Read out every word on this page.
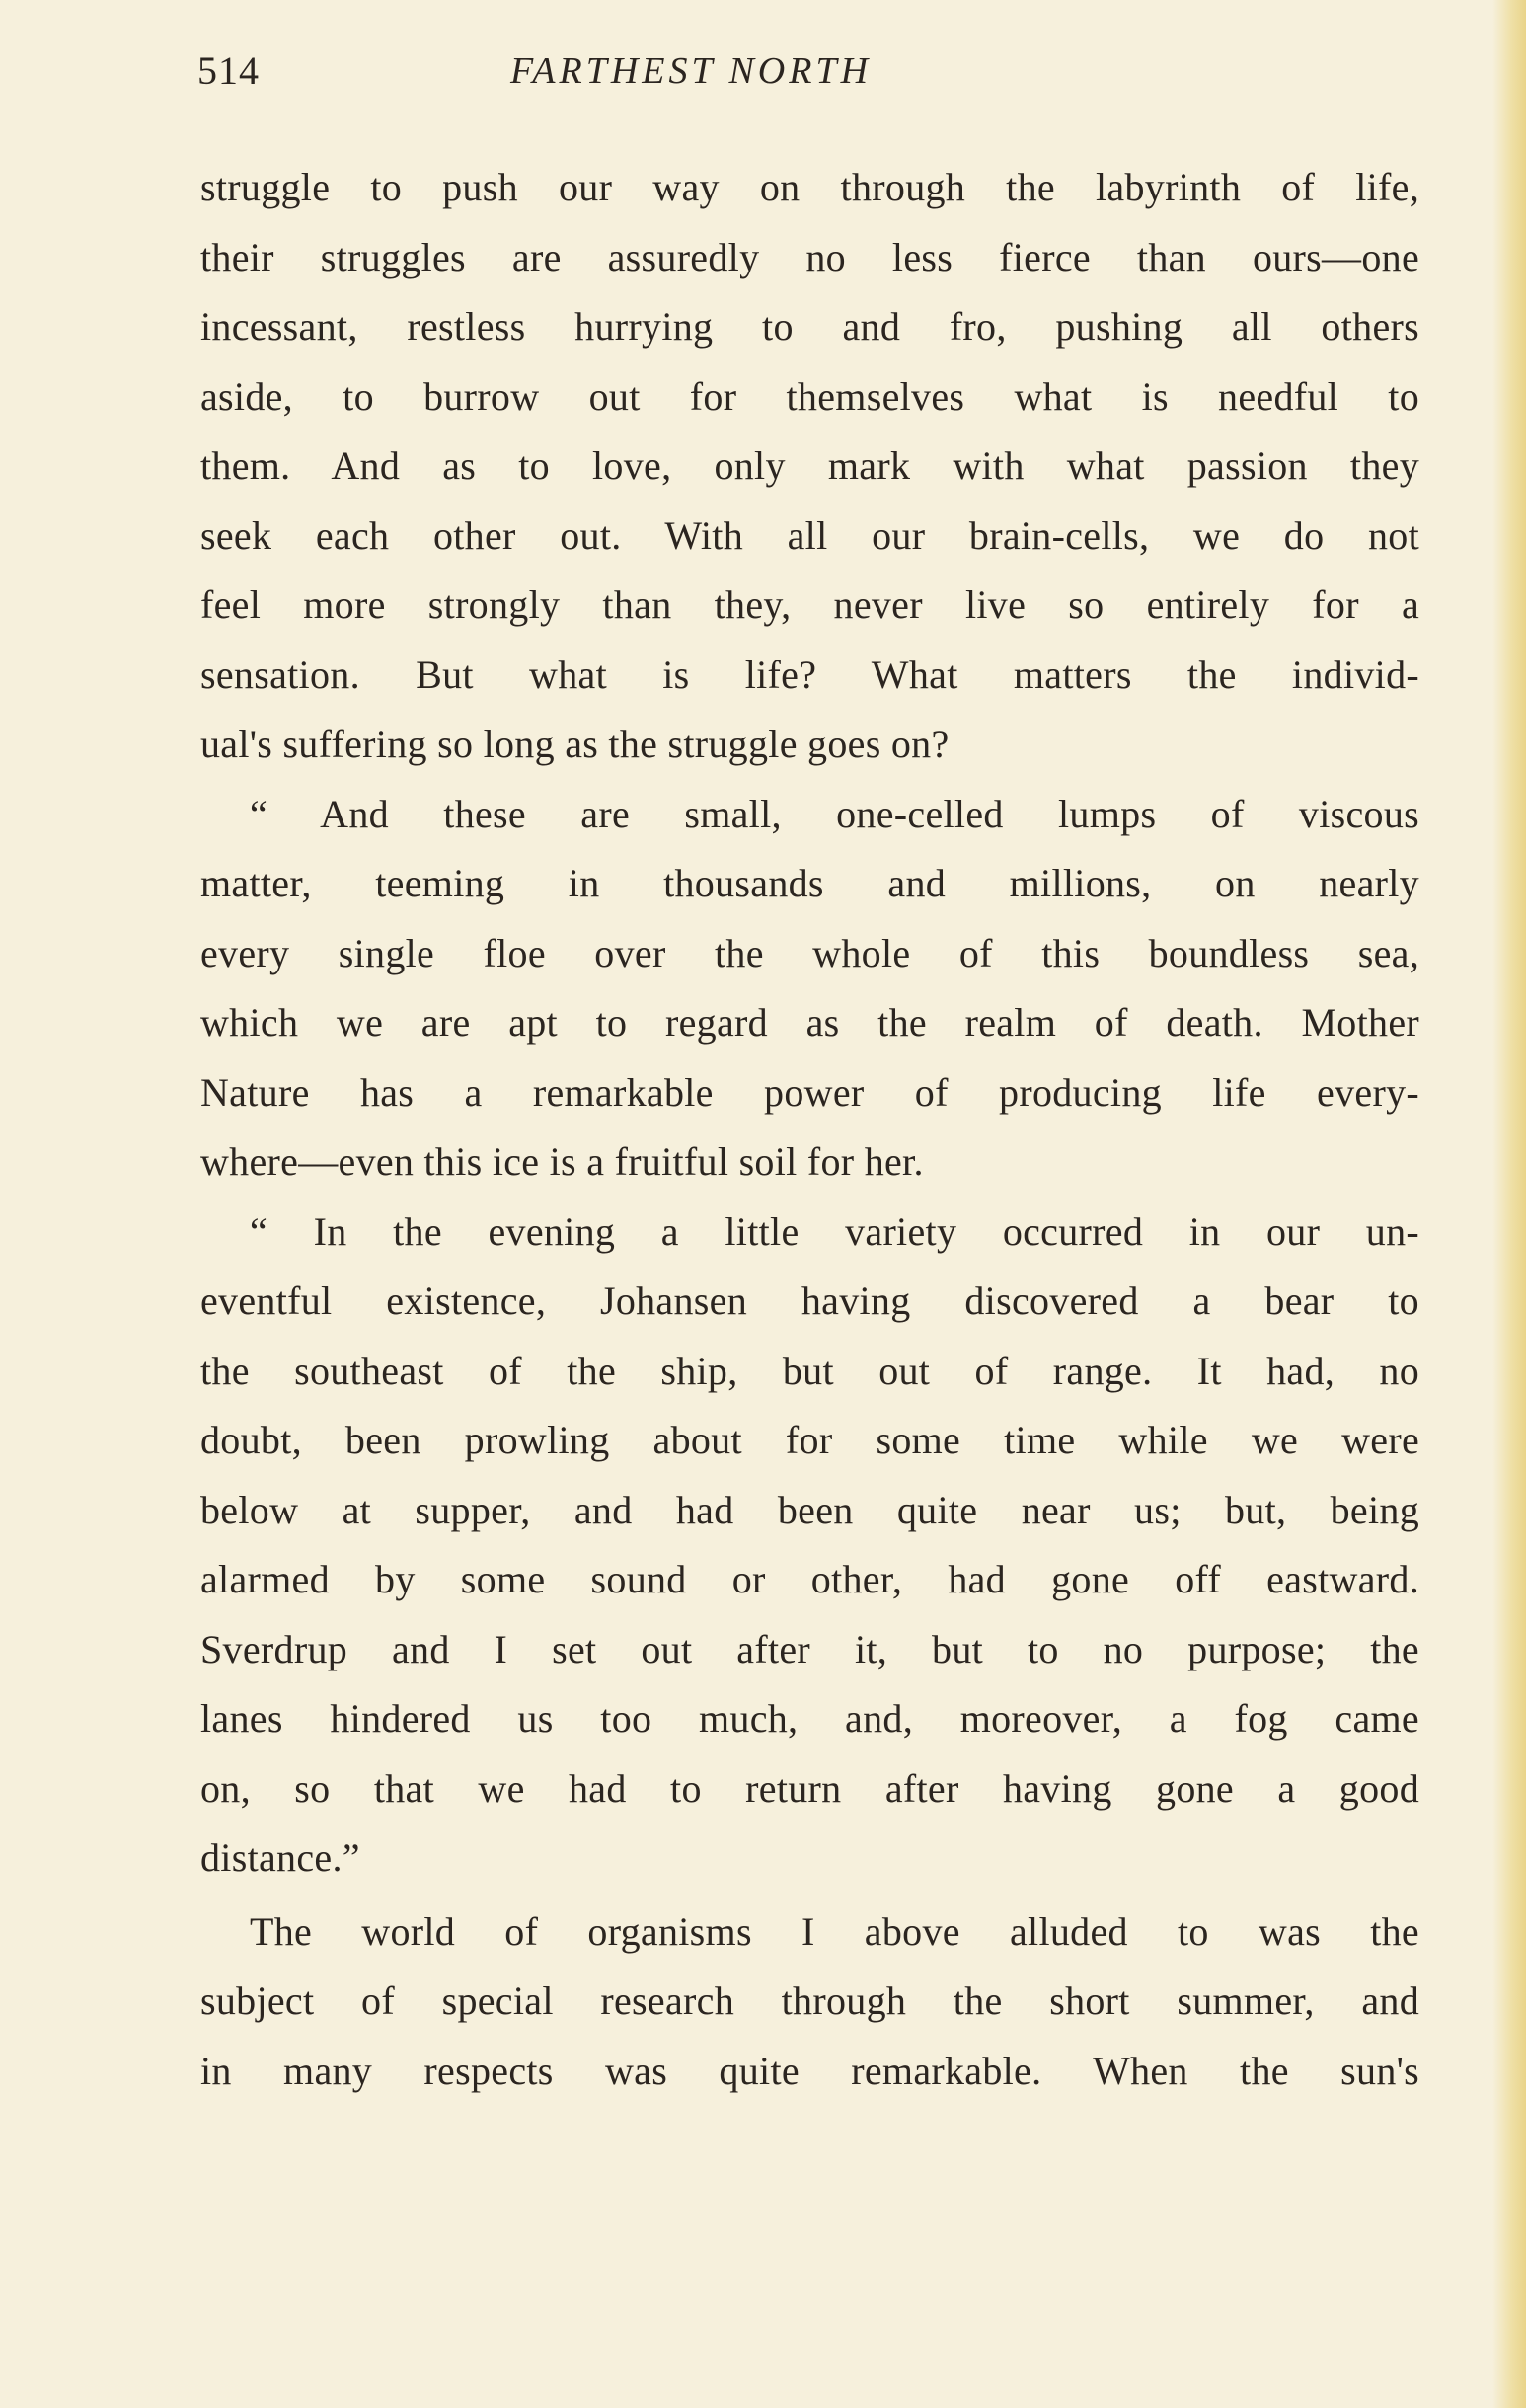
514	FARTHEST NORTH
struggle to push our way on through the labyrinth of life,
their struggles are assuredly no less fierce than ours—one
incessant, restless hurrying to and fro, pushing all others
aside, to burrow out for themselves what is needful to
them. And as to love, only mark with what passion they
seek each other out. With all our brain-cells, we do not
feel more strongly than they, never live so entirely for a
sensation. But what is life? What matters the individ-
ual's suffering so long as the struggle goes on?
“ And these are small, one-celled lumps of viscous
matter, teeming in thousands and millions, on nearly
every single floe over the whole of this boundless sea,
which we are apt to regard as the realm of death. Mother
Nature has a remarkable power of producing life every-
where—even this ice is a fruitful soil for her.
“ In the evening a little variety occurred in our un-
eventful existence, Johansen having discovered a bear to
the southeast of the ship, but out of range. It had, no
doubt, been prowling about for some time while we were
below at supper, and had been quite near us; but, being
alarmed by some sound or other, had gone off eastward.
Sverdrup and I set out after it, but to no purpose; the
lanes hindered us too much, and, moreover, a fog came
on, so that we had to return after having gone a good
distance.”
The world of organisms I above alluded to was the
subject of special research through the short summer, and
in many respects was quite remarkable. When the sun's
